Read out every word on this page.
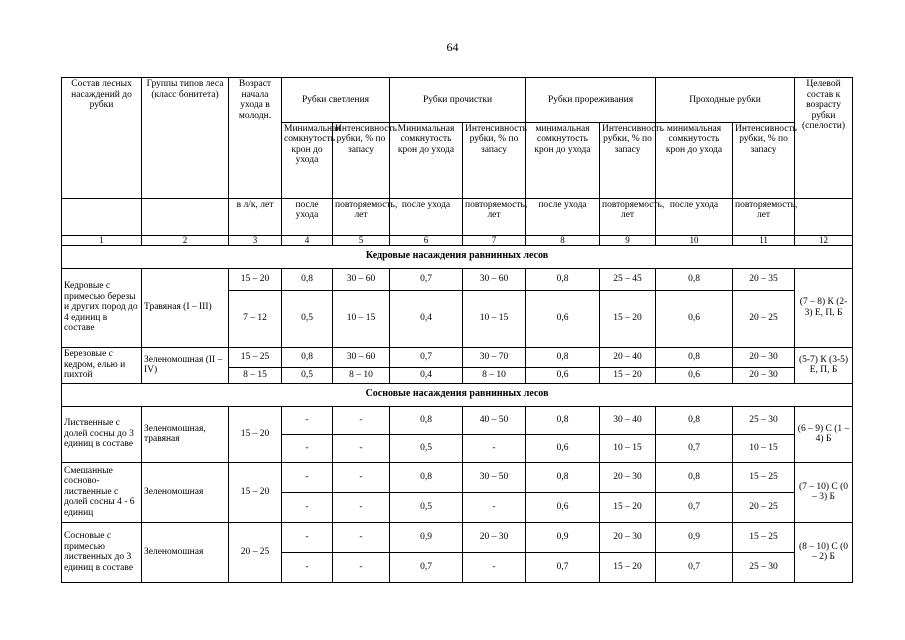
64
Состав лесных насаждений до рубки	Группы типов леса (класс бонитета)	Возраст начала ухода в молодн.	Рубки светления		Рубки прочистки		Рубки прореживания		Проходные рубки		Целевой состав к возрасту рубки (спелости)
			Минимальная сомкнутость крон до ухода	Интенсивность рубки, % по запасу	Минимальная сомкнутость крон до ухода	Интенсивность рубки, % по запасу	минимальная сомкнутость крон до ухода	Интенсивность рубки, % по запасу	минимальная сомкнутость крон до ухода	Интенсивность рубки, % по запасу	
		в л/к, лет	после ухода	повторяемость, лет	после ухода	повторяемость, лет	после ухода	повторяемость, лет	после ухода	повторяемость, лет	
1	2	3	4	5	6	7	8	9	10	11	12
Кедровые насаждения равнинных лесов											
Кедровые с примесью березы и других пород до 4 единиц в составе	Травяная (I – III)	15 – 20	0,8	30 – 60	0,7	30 – 60	0,8	25 – 45	0,8	20 – 35	(7 – 8) К (2-3) Е, П, Б
		7 – 12	0,5	10 – 15	0,4	10 – 15	0,6	15 – 20	0,6	20 – 25	
Березовые с кедром, елью и пихтой	Зеленомошная (II – IV)	15 – 25	0,8	30 – 60	0,7	30 – 70	0,8	20 – 40	0,8	20 – 30	(5-7) К (3-5) Е, П, Б
		8 – 15	0,5	8 – 10	0,4	8 – 10	0,6	15 – 20	0,6	20 – 30	
Сосновые насаждения равнинных лесов											
Лиственные с долей сосны до 3 единиц в составе	Зеленомошная, травяная	15 – 20	-	-	0,8	40 – 50	0,8	30 – 40	0,8	25 – 30	(6 – 9) С (1 – 4) Б
			-	-	0,5	-	0,6	10 – 15	0,7	10 – 15	
Смешанные сосново-лиственные с долей сосны 4 - 6 единиц	Зеленомошная	15 – 20	-	-	0,8	30 – 50	0,8	20 – 30	0,8	15 – 25	(7 – 10) С (0 – 3) Б
			-	-	0,5	-	0,6	15 – 20	0,7	20 – 25	
Сосновые с примесью лиственных до 3 единиц в составе	Зеленомошная	20 – 25	-	-	0,9	20 – 30	0,9	20 – 30	0,9	15 – 25	(8 – 10) С (0 – 2) Б
			-	-	0,7	-	0,7	15 – 20	0,7	25 – 30	
